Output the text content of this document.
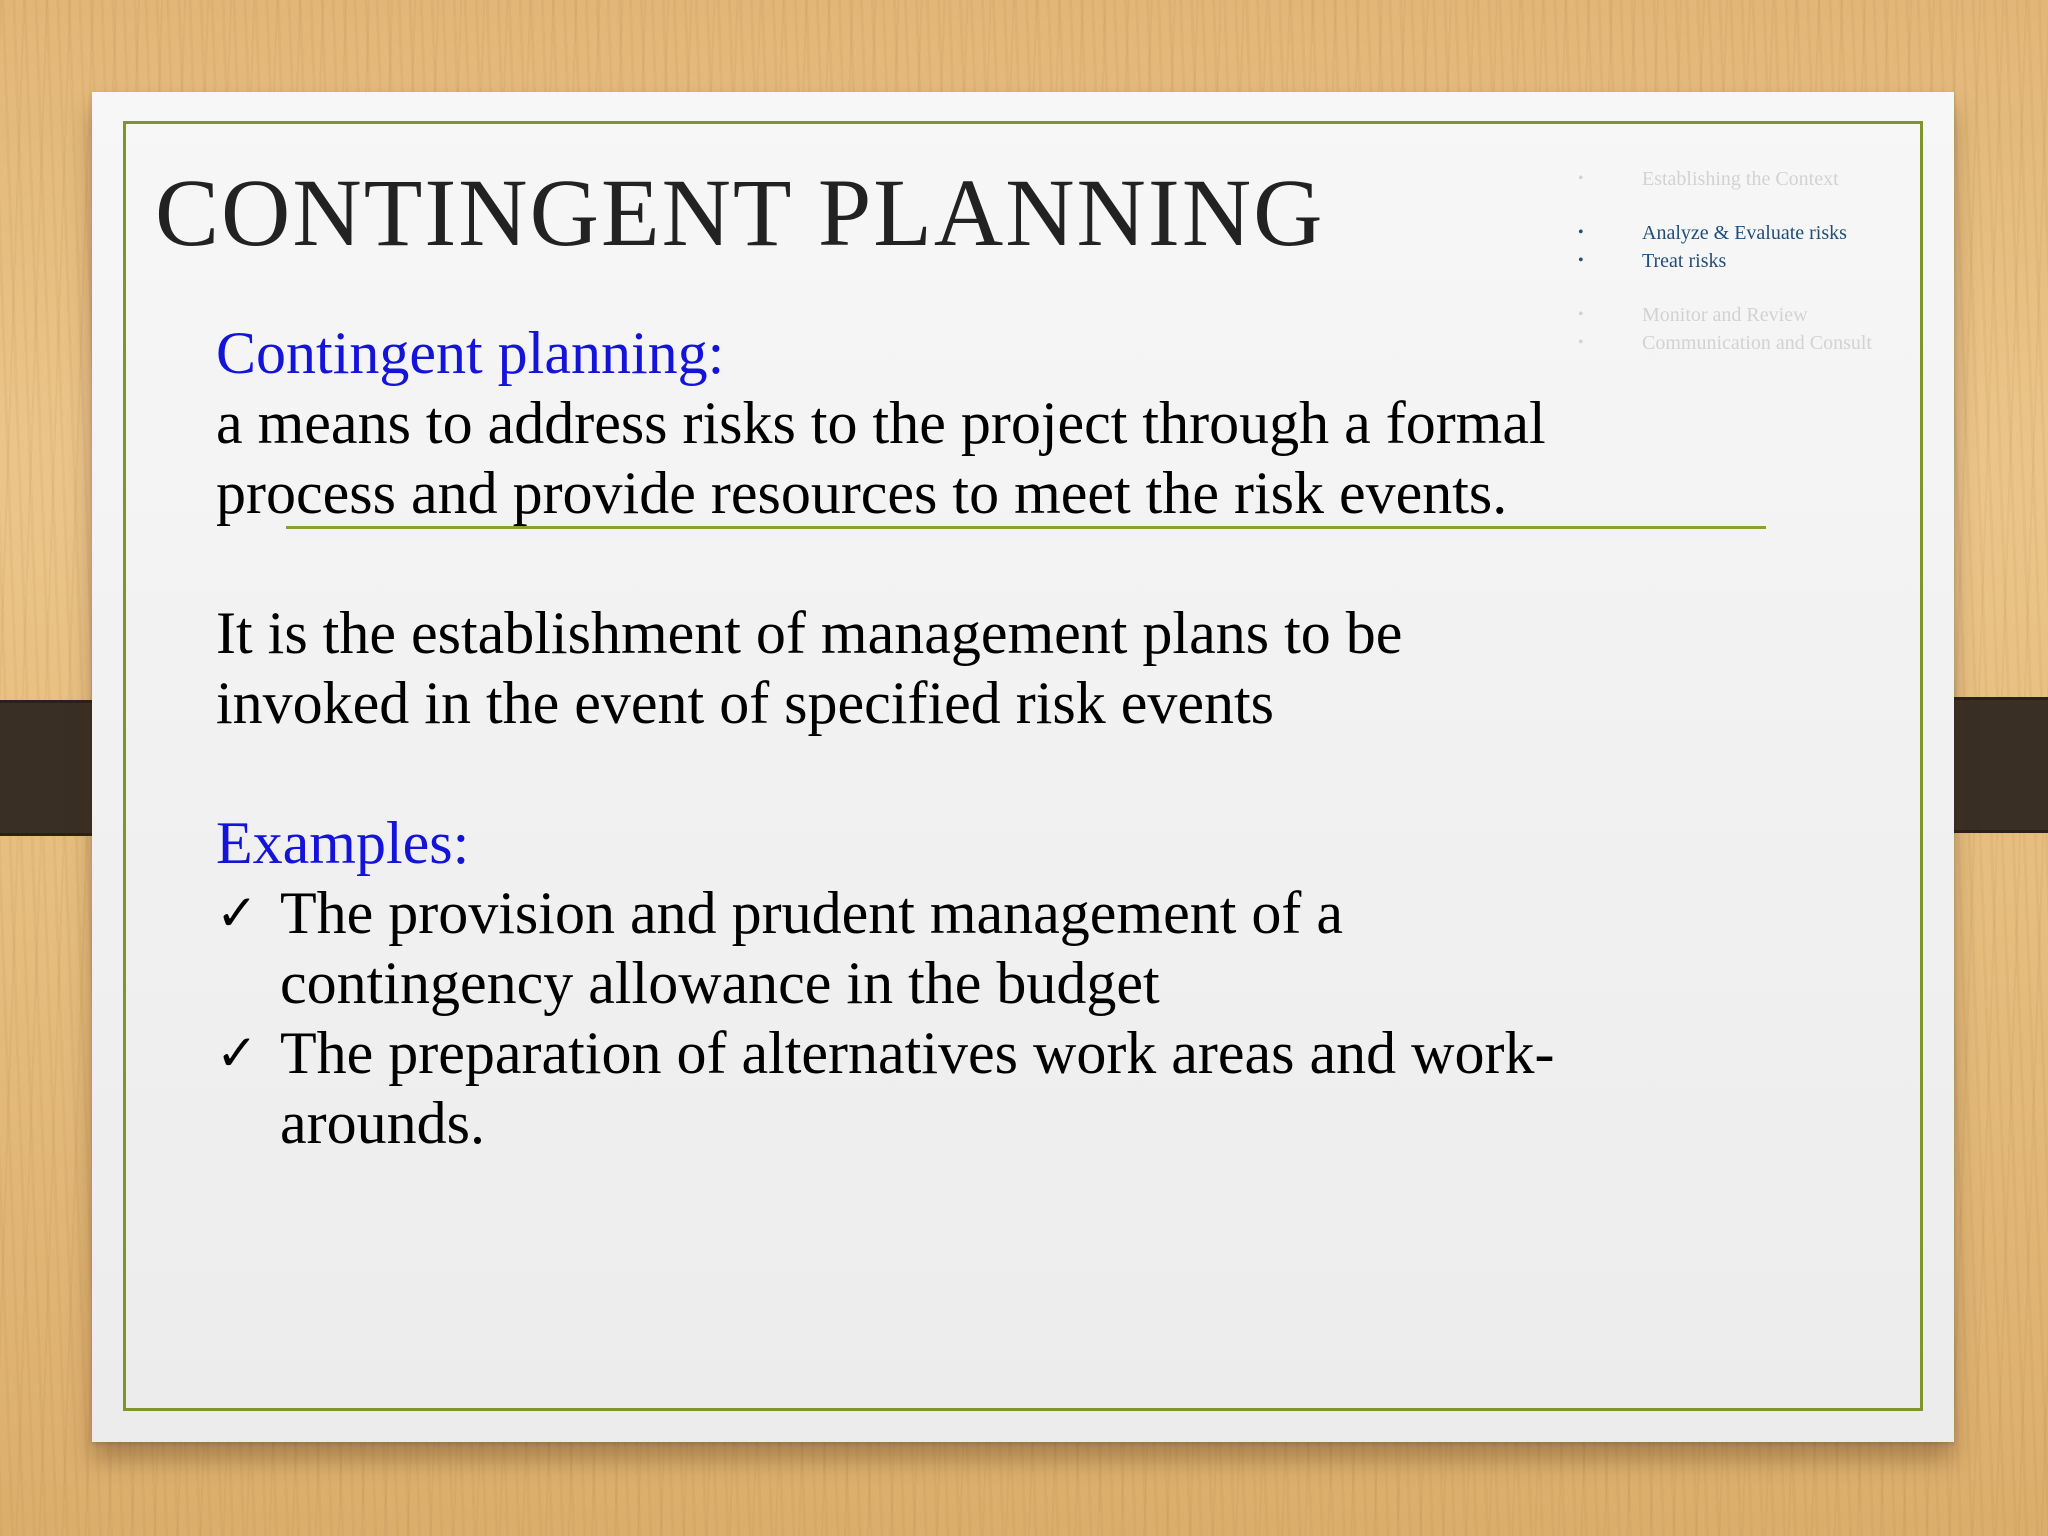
CONTINGENT PLANNING	•	Establishing the Context
•	Analyze & Evaluate risks
•	Treat risks
•	Monitor and Review
•	Communication and Consult

Contingent planning:

a means to address risks to the project through a formal

process and provide resources to meet the risk events.

It is the establishment of management plans to be

invoked in the event of specified risk events

Examples:

✓ The provision and prudent management of a
contingency allowance in the budget
✓ The preparation of alternatives work areas and work-
arounds.
